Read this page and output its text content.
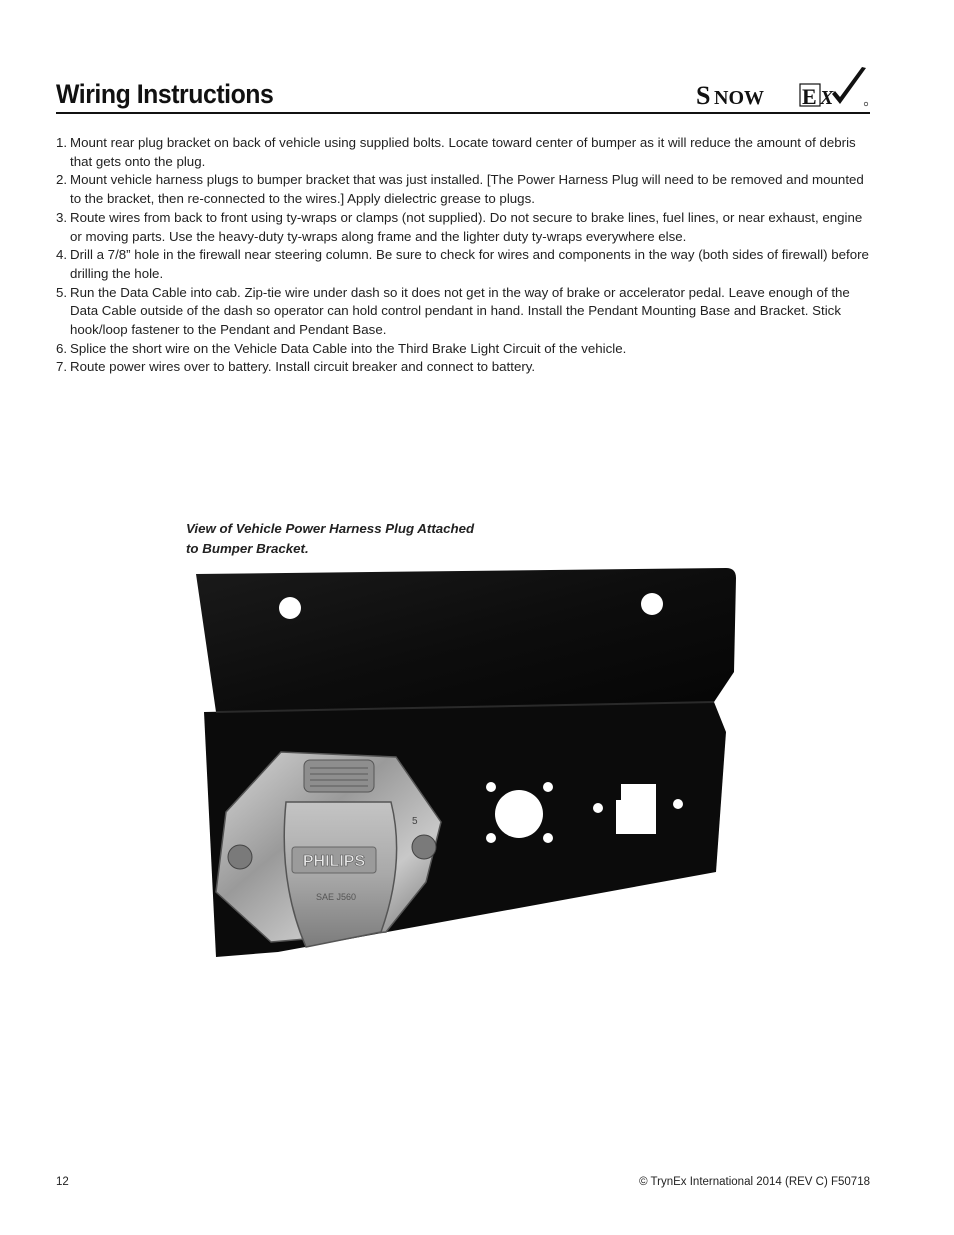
Wiring Instructions	S NOW E X
1. Mount rear plug bracket on back of vehicle using supplied bolts. Locate toward center of bumper as it will reduce the amount of debris that gets onto the plug.
2. Mount vehicle harness plugs to bumper bracket that was just installed. [The Power Harness Plug will need to be removed and mounted to the bracket, then re-connected to the wires.] Apply dielectric grease to plugs.
3. Route wires from back to front using ty-wraps or clamps (not supplied). Do not secure to brake lines, fuel lines, or near exhaust, engine or moving parts. Use the heavy-duty ty-wraps along frame and the lighter duty ty-wraps everywhere else.
4. Drill a 7/8” hole in the firewall near steering column. Be sure to check for wires and components in the way (both sides of firewall) before drilling the hole.
5. Run the Data Cable into cab. Zip-tie wire under dash so it does not get in the way of brake or accelerator pedal. Leave enough of the Data Cable outside of the dash so operator can hold control pendant in hand. Install the Pendant Mounting Base and Bracket. Stick hook/loop fastener to the Pendant and Pendant Base.
6. Splice the short wire on the Vehicle Data Cable into the Third Brake Light Circuit of the vehicle.
7. Route power wires over to battery. Install circuit breaker and connect to battery.
View of Vehicle Power Harness Plug Attached
to Bumper Bracket.
PHILIPS
SAE J560
5
12	© TrynEx International 2014 (REV C) F50718
